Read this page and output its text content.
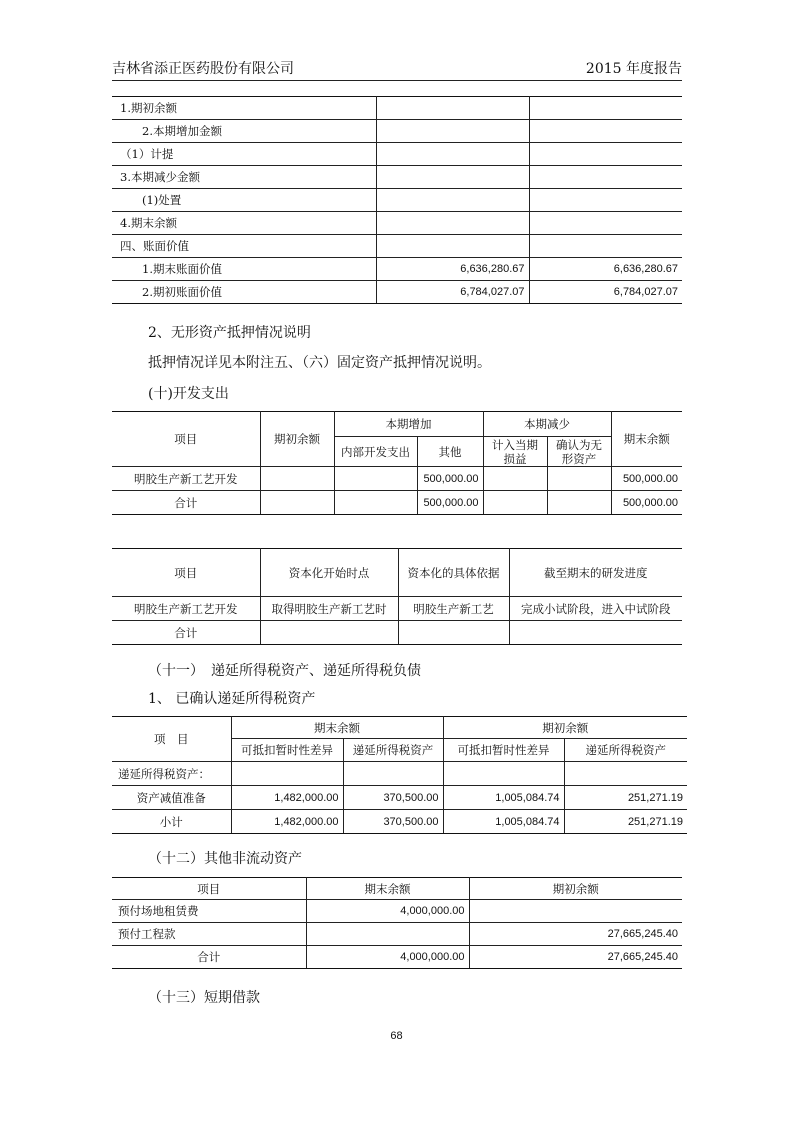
吉林省添正医药股份有限公司	2015 年度报告
1.期初余额		
2.本期增加金额		
（1）计提		
3.本期减少金额		
(1)处置		
4.期末余额		
四、账面价值		
1.期末账面价值	6,636,280.67	6,636,280.67
2.期初账面价值	6,784,027.07	6,784,027.07
2、无形资产抵押情况说明
抵押情况详见本附注五、（六）固定资产抵押情况说明。
(十)开发支出
项目	期初余额	本期增加		本期减少		期末余额
		内部开发支出	其他	计入当期损益	确认为无形资产	
明胶生产新工艺开发			500,000.00			500,000.00
合计			500,000.00			500,000.00
项目	资本化开始时点	资本化的具体依据	截至期末的研发进度
明胶生产新工艺开发	取得明胶生产新工艺时	明胶生产新工艺	完成小试阶段，进入中试阶段
合计			
（十一）　递延所得税资产、递延所得税负债
1、 已确认递延所得税资产
项　目	期末余额		期初余额	
	可抵扣暂时性差异	递延所得税资产	可抵扣暂时性差异	递延所得税资产
递延所得税资产：				
资产减值准备	1,482,000.00	370,500.00	1,005,084.74	251,271.19
小计	1,482,000.00	370,500.00	1,005,084.74	251,271.19
（十二）其他非流动资产
项目	期末余额	期初余额
预付场地租赁费	4,000,000.00	
预付工程款		27,665,245.40
合计	4,000,000.00	27,665,245.40
（十三）短期借款
68
